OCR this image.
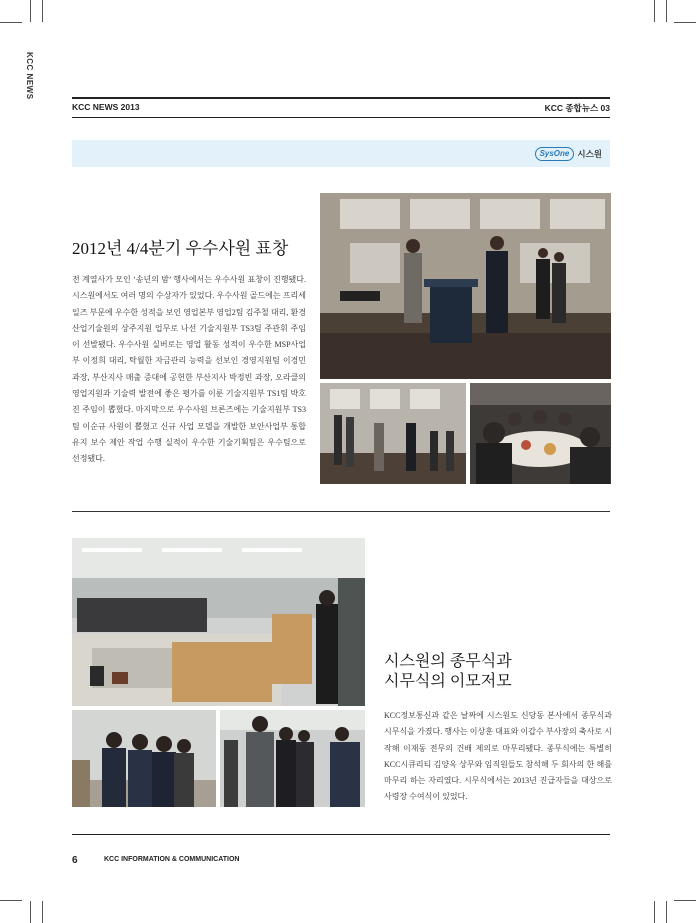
KCC NEWS
KCC NEWS 2013	KCC 종합뉴스 03
SysOne 시스원
2012년 4/4분기 우수사원 표창
전 계열사가 모인 ‘송년의 밤’ 행사에서는 우수사원 표창이 진행됐다. 시스원에서도 여러 명의 수상자가 있었다. 우수사원 골드에는 프리세일즈 부문에 우수한 성적을 보인 영업본부 영업2팀 김주철 대리, 환경산업기술원의 상주지원 업무로 나선 기술지원부 TS3팀 주관휘 주임이 선발됐다. 우수사원 실버로는 영업 활동 성적이 우수한 MSP사업부 이정희 대리, 탁월한 자금관리 능력을 선보인 경영지원팀 이경민 과장, 부산지사 매출 증대에 공헌한 부산지사 박정빈 과장, 오라클의 영업지원과 기술력 발전에 좋은 평가를 이룬 기술지원부 TS1팀 박호진 주임이 뽑혔다. 마지막으로 우수사원 브론즈에는 기술지원부 TS3팀 이순규 사원이 뽑혔고 신규 사업 모델을 개발한 보안사업부 통합 유지 보수 제안 작업 수행 실적이 우수한 기술기획팀은 우수팀으로 선정됐다.
시스원의 종무식과
시무식의 이모저모
KCC정보통신과 같은 날짜에 시스원도 신당동 본사에서 종무식과 시무식을 가졌다. 행사는 이상훈 대표와 이갑수 부사장의 축사로 시작해 이재동 전무의 건배 제의로 마무리됐다. 종무식에는 특별히 KCC시큐리티 김양옥 상무와 임직원들도 참석해 두 회사의 한 해를 마무리 하는 자리였다. 시무식에서는 2013년 진급자들을 대상으로 사령장 수여식이 있었다.
6	KCC INFORMATION & COMMUNICATION
